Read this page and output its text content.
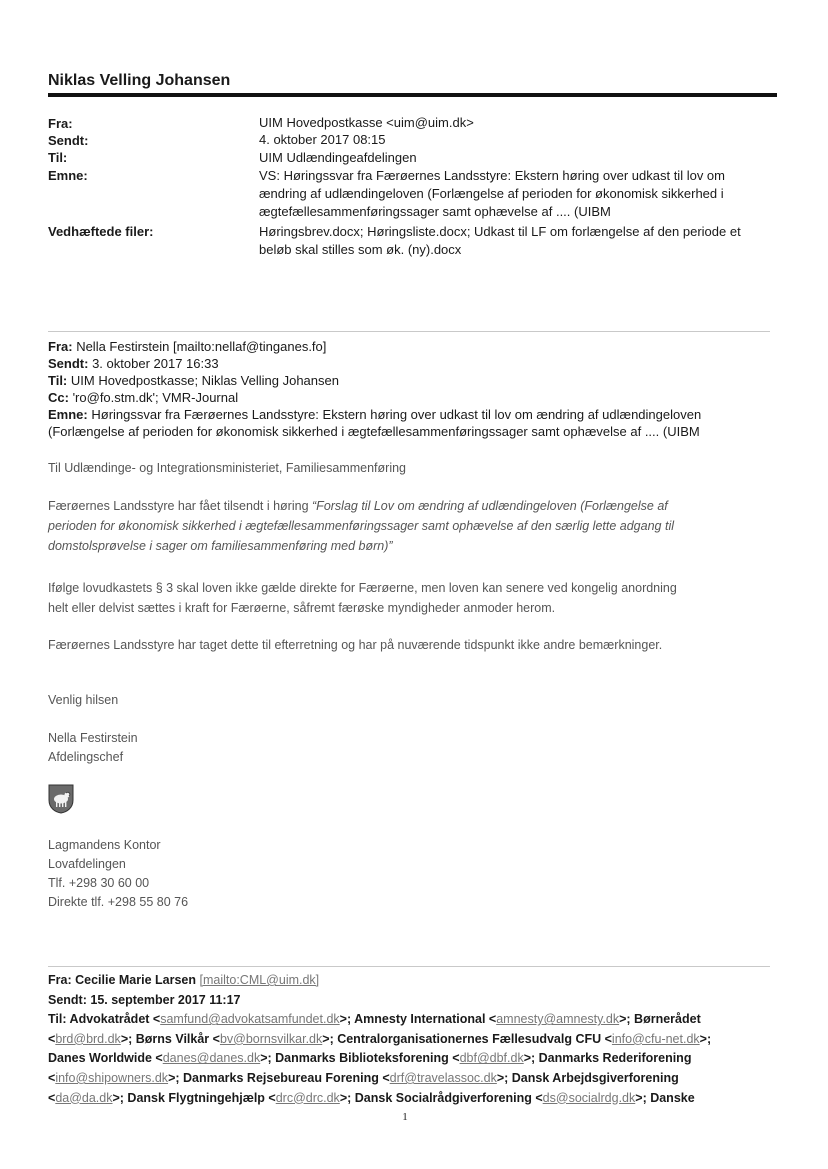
Niklas Velling Johansen
Fra:	UIM Hovedpostkasse <uim@uim.dk>
Sendt:	4. oktober 2017 08:15
Til:	UIM Udlændingeafdelingen
Emne:	VS: Høringssvar fra Færøernes Landsstyre: Ekstern høring over udkast til lov om
ændring af udlændingeloven (Forlængelse af perioden for økonomisk sikkerhed i
ægtefællesammenføringssager samt ophævelse af .... (UIBM
Vedhæftede filer:	Høringsbrev.docx; Høringsliste.docx; Udkast til LF om forlængelse af den periode et
beløb skal stilles som øk. (ny).docx
Fra: Nella Festirstein [mailto:nellaf@tinganes.fo]
Sendt: 3. oktober 2017 16:33
Til: UIM Hovedpostkasse; Niklas Velling Johansen
Cc: 'ro@fo.stm.dk'; VMR-Journal
Emne: Høringssvar fra Færøernes Landsstyre: Ekstern høring over udkast til lov om ændring af udlændingeloven
(Forlængelse af perioden for økonomisk sikkerhed i ægtefællesammenføringssager samt ophævelse af .... (UIBM
Til Udlændinge- og Integrationsministeriet, Familiesammenføring
Færøernes Landsstyre har fået tilsendt i høring “Forslag til Lov om ændring af udlændingeloven (Forlængelse af
perioden for økonomisk sikkerhed i ægtefællesammenføringssager samt ophævelse af den særlig lette adgang til
domstolsprøvelse i sager om familiesammenføring med børn)”
Ifølge lovudkastets § 3 skal loven ikke gælde direkte for Færøerne, men loven kan senere ved kongelig anordning
helt eller delvist sættes i kraft for Færøerne, såfremt færøske myndigheder anmoder herom.
Færøernes Landsstyre har taget dette til efterretning og har på nuværende tidspunkt ikke andre bemærkninger.
Venlig hilsen
Nella Festirstein
Afdelingschef
Lagmandens Kontor
Lovafdelingen
Tlf. +298 30 60 00
Direkte tlf. +298 55 80 76
Fra: Cecilie Marie Larsen [mailto:CML@uim.dk]
Sendt: 15. september 2017 11:17
Til: Advokatrådet <samfund@advokatsamfundet.dk>; Amnesty International <amnesty@amnesty.dk>; Børnerådet
<brd@brd.dk>; Børns Vilkår <bv@bornsvilkar.dk>; Centralorganisationernes Fællesudvalg CFU <info@cfu-net.dk>;
Danes Worldwide <danes@danes.dk>; Danmarks Biblioteksforening <dbf@dbf.dk>; Danmarks Rederiforening
<info@shipowners.dk>; Danmarks Rejsebureau Forening <drf@travelassoc.dk>; Dansk Arbejdsgiverforening
<da@da.dk>; Dansk Flygtningehjælp <drc@drc.dk>; Dansk Socialrådgiverforening <ds@socialrdg.dk>; Danske
1
